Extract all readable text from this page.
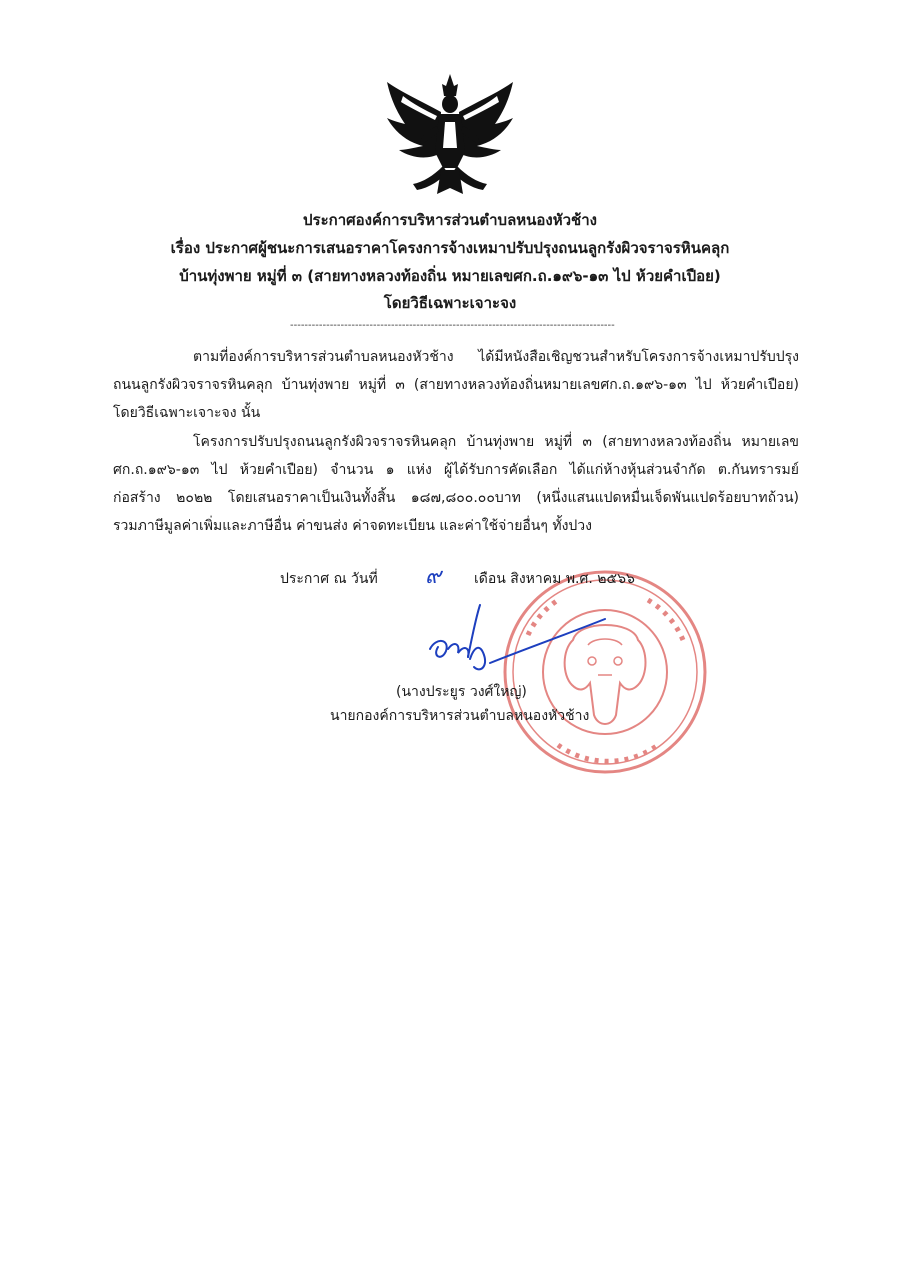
ประกาศองค์การบริหารส่วนตำบลหนองหัวช้าง
เรื่อง ประกาศผู้ชนะการเสนอราคาโครงการจ้างเหมาปรับปรุงถนนลูกรังผิวจราจรหินคลุก
บ้านทุ่งพาย หมู่ที่ ๓ (สายทางหลวงท้องถิ่น หมายเลขศก.ถ.๑๙๖-๑๓ ไป ห้วยคำเปือย)
โดยวิธีเฉพาะเจาะจง
------------------------------------------------------------------------------------------
ตามที่องค์การบริหารส่วนตำบลหนองหัวช้าง ได้มีหนังสือเชิญชวนสำหรับโครงการจ้างเหมาปรับปรุง
ถนนลูกรังผิวจราจรหินคลุก บ้านทุ่งพาย หมู่ที่ ๓ (สายทางหลวงท้องถิ่นหมายเลขศก.ถ.๑๙๖-๑๓ ไป ห้วยคำเปือย)
โดยวิธีเฉพาะเจาะจง นั้น
โครงการปรับปรุงถนนลูกรังผิวจราจรหินคลุก บ้านทุ่งพาย หมู่ที่ ๓ (สายทางหลวงท้องถิ่น หมายเลข
ศก.ถ.๑๙๖-๑๓ ไป ห้วยคำเปือย) จำนวน ๑ แห่ง ผู้ได้รับการคัดเลือก ได้แก่ห้างหุ้นส่วนจำกัด ต.กันทรารมย์
ก่อสร้าง ๒๐๒๒ โดยเสนอราคาเป็นเงินทั้งสิ้น ๑๘๗,๘๐๐.๐๐บาท (หนึ่งแสนแปดหมื่นเจ็ดพันแปดร้อยบาทถ้วน)
รวมภาษีมูลค่าเพิ่มและภาษีอื่น ค่าขนส่ง ค่าจดทะเบียน และค่าใช้จ่ายอื่นๆ ทั้งปวง
ประกาศ ณ วันที่ ๙ เดือน สิงหาคม พ.ศ. ๒๕๖๖
(นางประยูร วงศ์ใหญ่)
นายกองค์การบริหารส่วนตำบลหนองหัวช้าง
